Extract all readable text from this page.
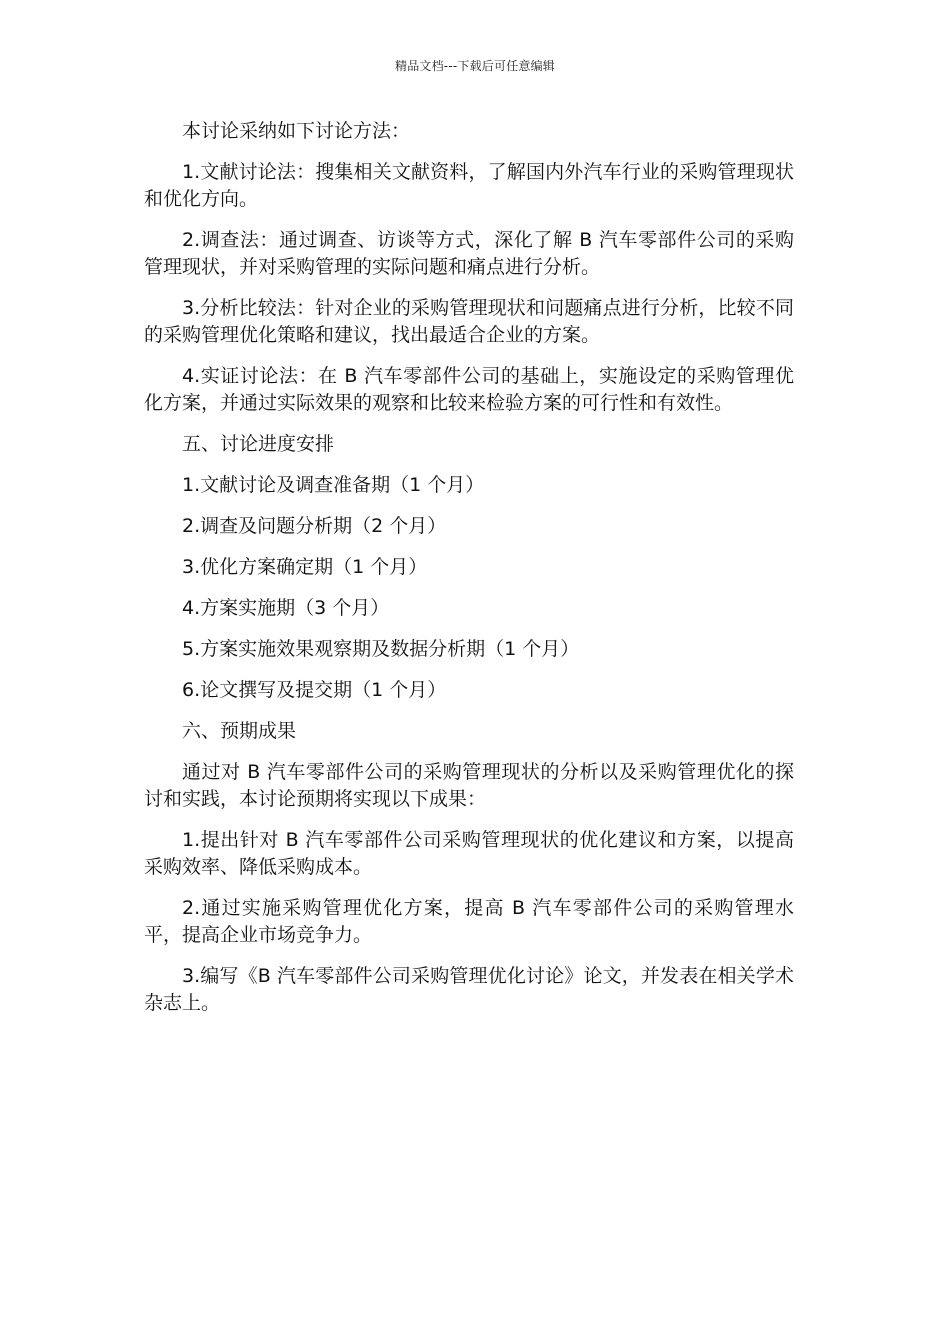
精品文档---下载后可任意编辑

本讨论采纳如下讨论方法：

1.文献讨论法：搜集相关文献资料，了解国内外汽车行业的采购管理现状和优化方向。

2.调查法：通过调查、访谈等方式，深化了解 B 汽车零部件公司的采购管理现状，并对采购管理的实际问题和痛点进行分析。

3.分析比较法：针对企业的采购管理现状和问题痛点进行分析，比较不同的采购管理优化策略和建议，找出最适合企业的方案。

4.实证讨论法：在 B 汽车零部件公司的基础上，实施设定的采购管理优化方案，并通过实际效果的观察和比较来检验方案的可行性和有效性。

五、讨论进度安排

1.文献讨论及调查准备期（1 个月）

2.调查及问题分析期（2 个月）

3.优化方案确定期（1 个月）

4.方案实施期（3 个月）

5.方案实施效果观察期及数据分析期（1 个月）

6.论文撰写及提交期（1 个月）

六、预期成果

通过对 B 汽车零部件公司的采购管理现状的分析以及采购管理优化的探讨和实践，本讨论预期将实现以下成果：

1.提出针对 B 汽车零部件公司采购管理现状的优化建议和方案，以提高采购效率、降低采购成本。

2.通过实施采购管理优化方案，提高 B 汽车零部件公司的采购管理水平，提高企业市场竞争力。

3.编写《B 汽车零部件公司采购管理优化讨论》论文，并发表在相关学术杂志上。
